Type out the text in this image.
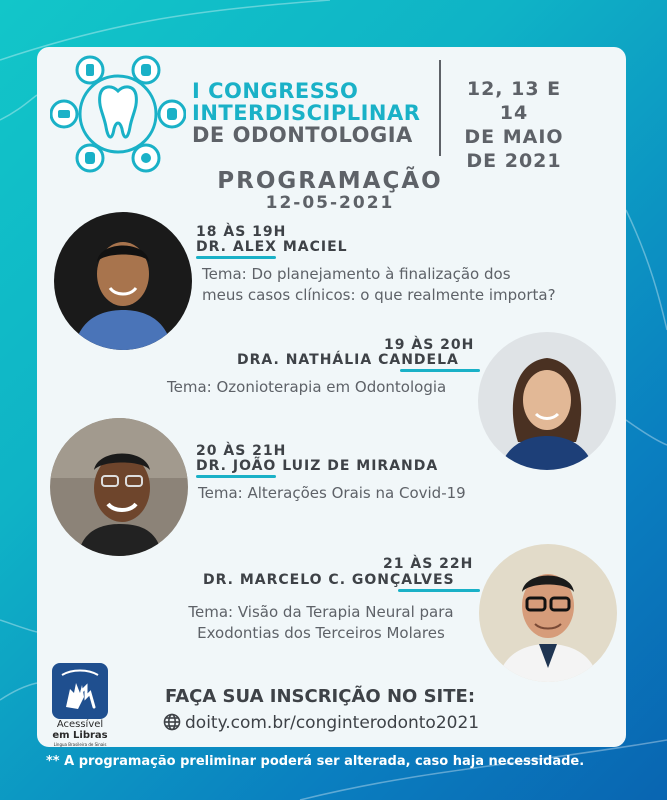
I CONGRESSO
INTERDISCIPLINAR
DE ODONTOLOGIA
12, 13 E 14
DE MAIO
DE 2021
PROGRAMAÇÃO
12-05-2021
18 ÀS 19H
DR. ALEX MACIEL
Tema: Do planejamento à finalização dos
meus casos clínicos: o que realmente importa?
19 ÀS 20H
DRA. NATHÁLIA CANDELA
Tema: Ozonioterapia em Odontologia
20 ÀS 21H
DR. JOÃO LUIZ DE MIRANDA
Tema: Alterações Orais na Covid-19
21 ÀS 22H
DR. MARCELO C. GONÇALVES
Tema: Visão da Terapia Neural para
Exodontias dos Terceiros Molares
Acessível
em Libras
Língua Brasileira de Sinais
FAÇA SUA INSCRIÇÃO NO SITE:
doity.com.br/conginterodonto2021
** A programação preliminar poderá ser alterada, caso haja necessidade.
